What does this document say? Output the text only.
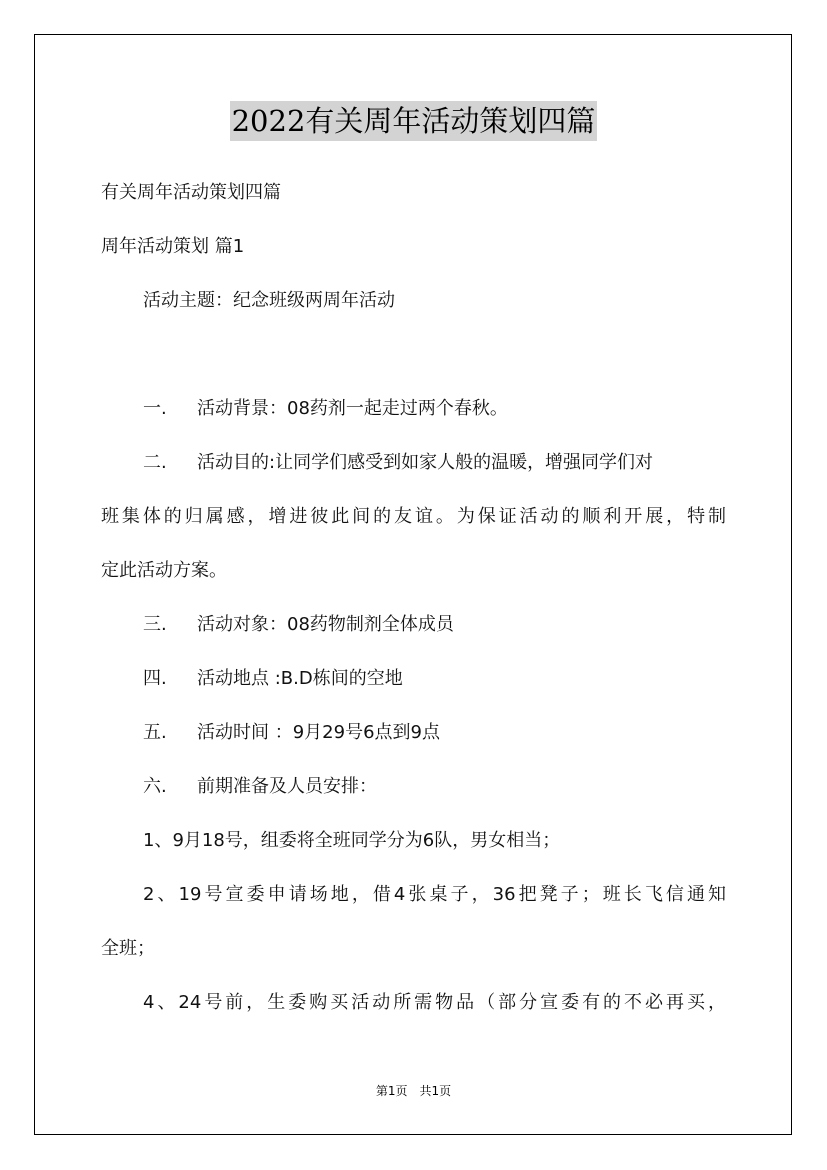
2022有关周年活动策划四篇
有关周年活动策划四篇
周年活动策划 篇1
活动主题：纪念班级两周年活动
一. 活动背景：08药剂一起走过两个春秋。
二. 活动目的:让同学们感受到如家人般的温暖，增强同学们对
班集体的归属感，增进彼此间的友谊。为保证活动的顺利开展，特制
定此活动方案。
三. 活动对象：08药物制剂全体成员
四. 活动地点 :B.D栋间的空地
五. 活动时间 ：9月29号6点到9点
六. 前期准备及人员安排：
1、9月18号，组委将全班同学分为6队，男女相当；
2、19号宣委申请场地，借4张桌子，36把凳子；班长飞信通知
全班；
4、24号前，生委购买活动所需物品（部分宣委有的不必再买，
第1页　共1页
